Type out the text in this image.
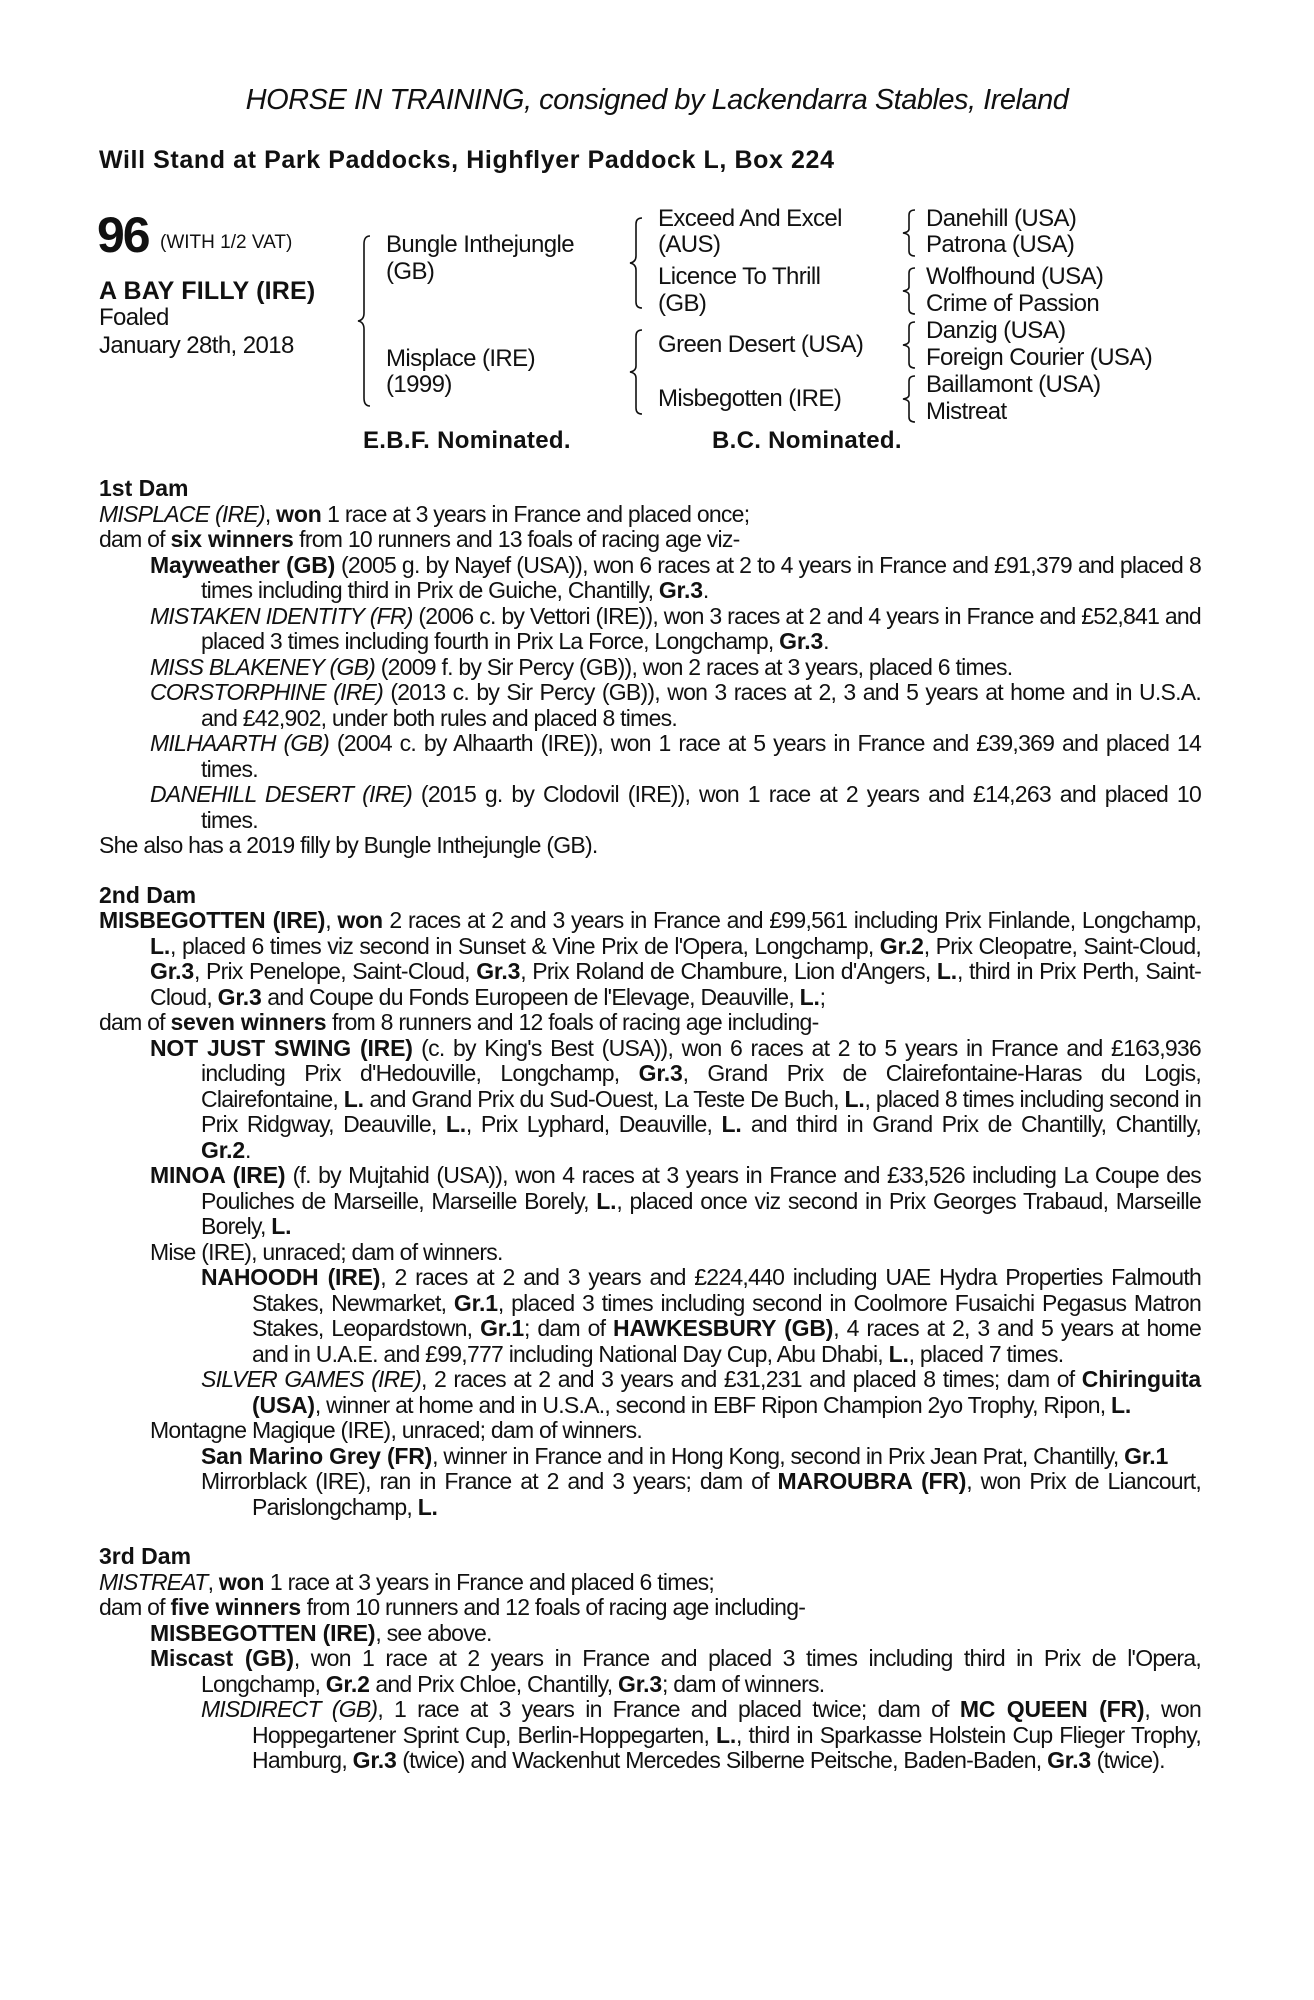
HORSE IN TRAINING, consigned by Lackendarra Stables, Ireland
Will Stand at Park Paddocks, Highflyer Paddock L, Box 224
96 (WITH 1/2 VAT)
A BAY FILLY (IRE)
Foaled
January 28th, 2018
Bungle Inthejungle
(GB)
Misplace (IRE)
(1999)
Exceed And Excel
(AUS)
Licence To Thrill
(GB)
Green Desert (USA)
Misbegotten (IRE)
Danehill (USA)
Patrona (USA)
Wolfhound (USA)
Crime of Passion
Danzig (USA)
Foreign Courier (USA)
Baillamont (USA)
Mistreat
E.B.F. Nominated.	B.C. Nominated.
1st Dam
MISPLACE (IRE), won 1 race at 3 years in France and placed once;
dam of six winners from 10 runners and 13 foals of racing age viz-
Mayweather (GB) (2005 g. by Nayef (USA)), won 6 races at 2 to 4 years in France and £91,379 and placed 8 times including third in Prix de Guiche, Chantilly, Gr.3.
MISTAKEN IDENTITY (FR) (2006 c. by Vettori (IRE)), won 3 races at 2 and 4 years in France and £52,841 and placed 3 times including fourth in Prix La Force, Longchamp, Gr.3.
MISS BLAKENEY (GB) (2009 f. by Sir Percy (GB)), won 2 races at 3 years, placed 6 times.
CORSTORPHINE (IRE) (2013 c. by Sir Percy (GB)), won 3 races at 2, 3 and 5 years at home and in U.S.A. and £42,902, under both rules and placed 8 times.
MILHAARTH (GB) (2004 c. by Alhaarth (IRE)), won 1 race at 5 years in France and £39,369 and placed 14 times.
DANEHILL DESERT (IRE) (2015 g. by Clodovil (IRE)), won 1 race at 2 years and £14,263 and placed 10 times.
She also has a 2019 filly by Bungle Inthejungle (GB).
2nd Dam
MISBEGOTTEN (IRE), won 2 races at 2 and 3 years in France and £99,561 including Prix Finlande, Longchamp, L., placed 6 times viz second in Sunset & Vine Prix de l'Opera, Longchamp, Gr.2, Prix Cleopatre, Saint-Cloud, Gr.3, Prix Penelope, Saint-Cloud, Gr.3, Prix Roland de Chambure, Lion d'Angers, L., third in Prix Perth, Saint-Cloud, Gr.3 and Coupe du Fonds Europeen de l'Elevage, Deauville, L.;
dam of seven winners from 8 runners and 12 foals of racing age including-
NOT JUST SWING (IRE) (c. by King's Best (USA)), won 6 races at 2 to 5 years in France and £163,936 including Prix d'Hedouville, Longchamp, Gr.3, Grand Prix de Clairefontaine-Haras du Logis, Clairefontaine, L. and Grand Prix du Sud-Ouest, La Teste De Buch, L., placed 8 times including second in Prix Ridgway, Deauville, L., Prix Lyphard, Deauville, L. and third in Grand Prix de Chantilly, Chantilly, Gr.2.
MINOA (IRE) (f. by Mujtahid (USA)), won 4 races at 3 years in France and £33,526 including La Coupe des Pouliches de Marseille, Marseille Borely, L., placed once viz second in Prix Georges Trabaud, Marseille Borely, L.
Mise (IRE), unraced; dam of winners.
NAHOODH (IRE), 2 races at 2 and 3 years and £224,440 including UAE Hydra Properties Falmouth Stakes, Newmarket, Gr.1, placed 3 times including second in Coolmore Fusaichi Pegasus Matron Stakes, Leopardstown, Gr.1; dam of HAWKESBURY (GB), 4 races at 2, 3 and 5 years at home and in U.A.E. and £99,777 including National Day Cup, Abu Dhabi, L., placed 7 times.
SILVER GAMES (IRE), 2 races at 2 and 3 years and £31,231 and placed 8 times; dam of Chiringuita (USA), winner at home and in U.S.A., second in EBF Ripon Champion 2yo Trophy, Ripon, L.
Montagne Magique (IRE), unraced; dam of winners.
San Marino Grey (FR), winner in France and in Hong Kong, second in Prix Jean Prat, Chantilly, Gr.1
Mirrorblack (IRE), ran in France at 2 and 3 years; dam of MAROUBRA (FR), won Prix de Liancourt, Parislongchamp, L.
3rd Dam
MISTREAT, won 1 race at 3 years in France and placed 6 times;
dam of five winners from 10 runners and 12 foals of racing age including-
MISBEGOTTEN (IRE), see above.
Miscast (GB), won 1 race at 2 years in France and placed 3 times including third in Prix de l'Opera, Longchamp, Gr.2 and Prix Chloe, Chantilly, Gr.3; dam of winners.
MISDIRECT (GB), 1 race at 3 years in France and placed twice; dam of MC QUEEN (FR), won Hoppegartener Sprint Cup, Berlin-Hoppegarten, L., third in Sparkasse Holstein Cup Flieger Trophy, Hamburg, Gr.3 (twice) and Wackenhut Mercedes Silberne Peitsche, Baden-Baden, Gr.3 (twice).
